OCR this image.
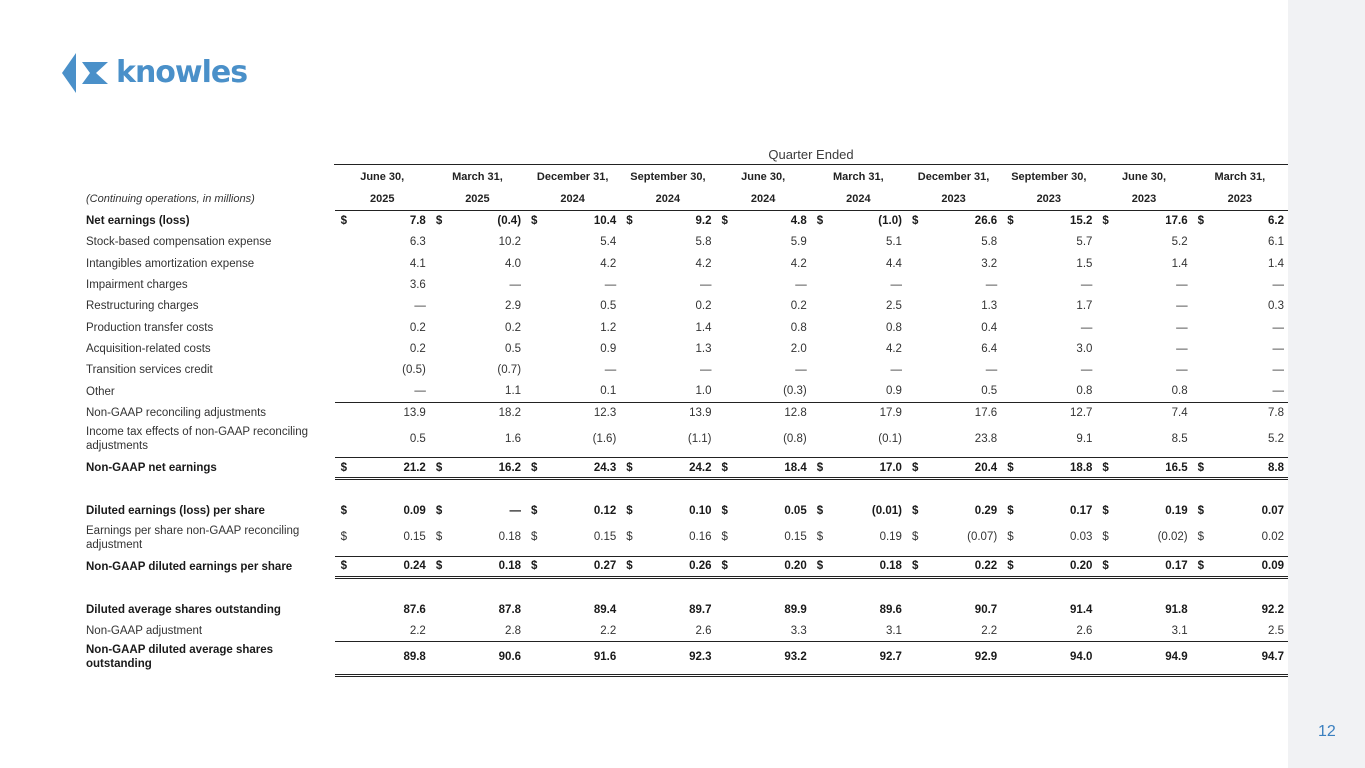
knowles
Quarter Ended
	June 30,		March 31,		December 31,		September 30,		June 30,		March 31,		December 31,		September 30,		June 30,		March 31,	
(Continuing operations, in millions)	2025		2025		2024		2024		2024		2024		2023		2023		2023		2023	
Net earnings (loss)	$	7.8	$	(0.4)	$	10.4	$	9.2	$	4.8	$	(1.0)	$	26.6	$	15.2	$	17.6	$	6.2
Stock-based compensation expense		6.3		10.2		5.4		5.8		5.9		5.1		5.8		5.7		5.2		6.1
Intangibles amortization expense		4.1		4.0		4.2		4.2		4.2		4.4		3.2		1.5		1.4		1.4
Impairment charges		3.6		—		—		—		—		—		—		—		—		—
Restructuring charges		—		2.9		0.5		0.2		0.2		2.5		1.3		1.7		—		0.3
Production transfer costs		0.2		0.2		1.2		1.4		0.8		0.8		0.4		—		—		—
Acquisition-related costs		0.2		0.5		0.9		1.3		2.0		4.2		6.4		3.0		—		—
Transition services credit		(0.5)		(0.7)		—		—		—		—		—		—		—		—
Other		—		1.1		0.1		1.0		(0.3)		0.9		0.5		0.8		0.8		—
Non-GAAP reconciling adjustments		13.9		18.2		12.3		13.9		12.8		17.9		17.6		12.7		7.4		7.8
Income tax effects of non-GAAP reconciling adjustments		0.5		1.6		(1.6)		(1.1)		(0.8)		(0.1)		23.8		9.1		8.5		5.2
Non-GAAP net earnings	$	21.2	$	16.2	$	24.3	$	24.2	$	18.4	$	17.0	$	20.4	$	18.8	$	16.5	$	8.8

Diluted earnings (loss) per share	$	0.09	$	—	$	0.12	$	0.10	$	0.05	$	(0.01)	$	0.29	$	0.17	$	0.19	$	0.07
Earnings per share non-GAAP reconciling adjustment	$	0.15	$	0.18	$	0.15	$	0.16	$	0.15	$	0.19	$	(0.07)	$	0.03	$	(0.02)	$	0.02
Non-GAAP diluted earnings per share	$	0.24	$	0.18	$	0.27	$	0.26	$	0.20	$	0.18	$	0.22	$	0.20	$	0.17	$	0.09

Diluted average shares outstanding		87.6		87.8		89.4		89.7		89.9		89.6		90.7		91.4		91.8		92.2
Non-GAAP adjustment		2.2		2.8		2.2		2.6		3.3		3.1		2.2		2.6		3.1		2.5
Non-GAAP diluted average shares outstanding		89.8		90.6		91.6		92.3		93.2		92.7		92.9		94.0		94.9		94.7
12
